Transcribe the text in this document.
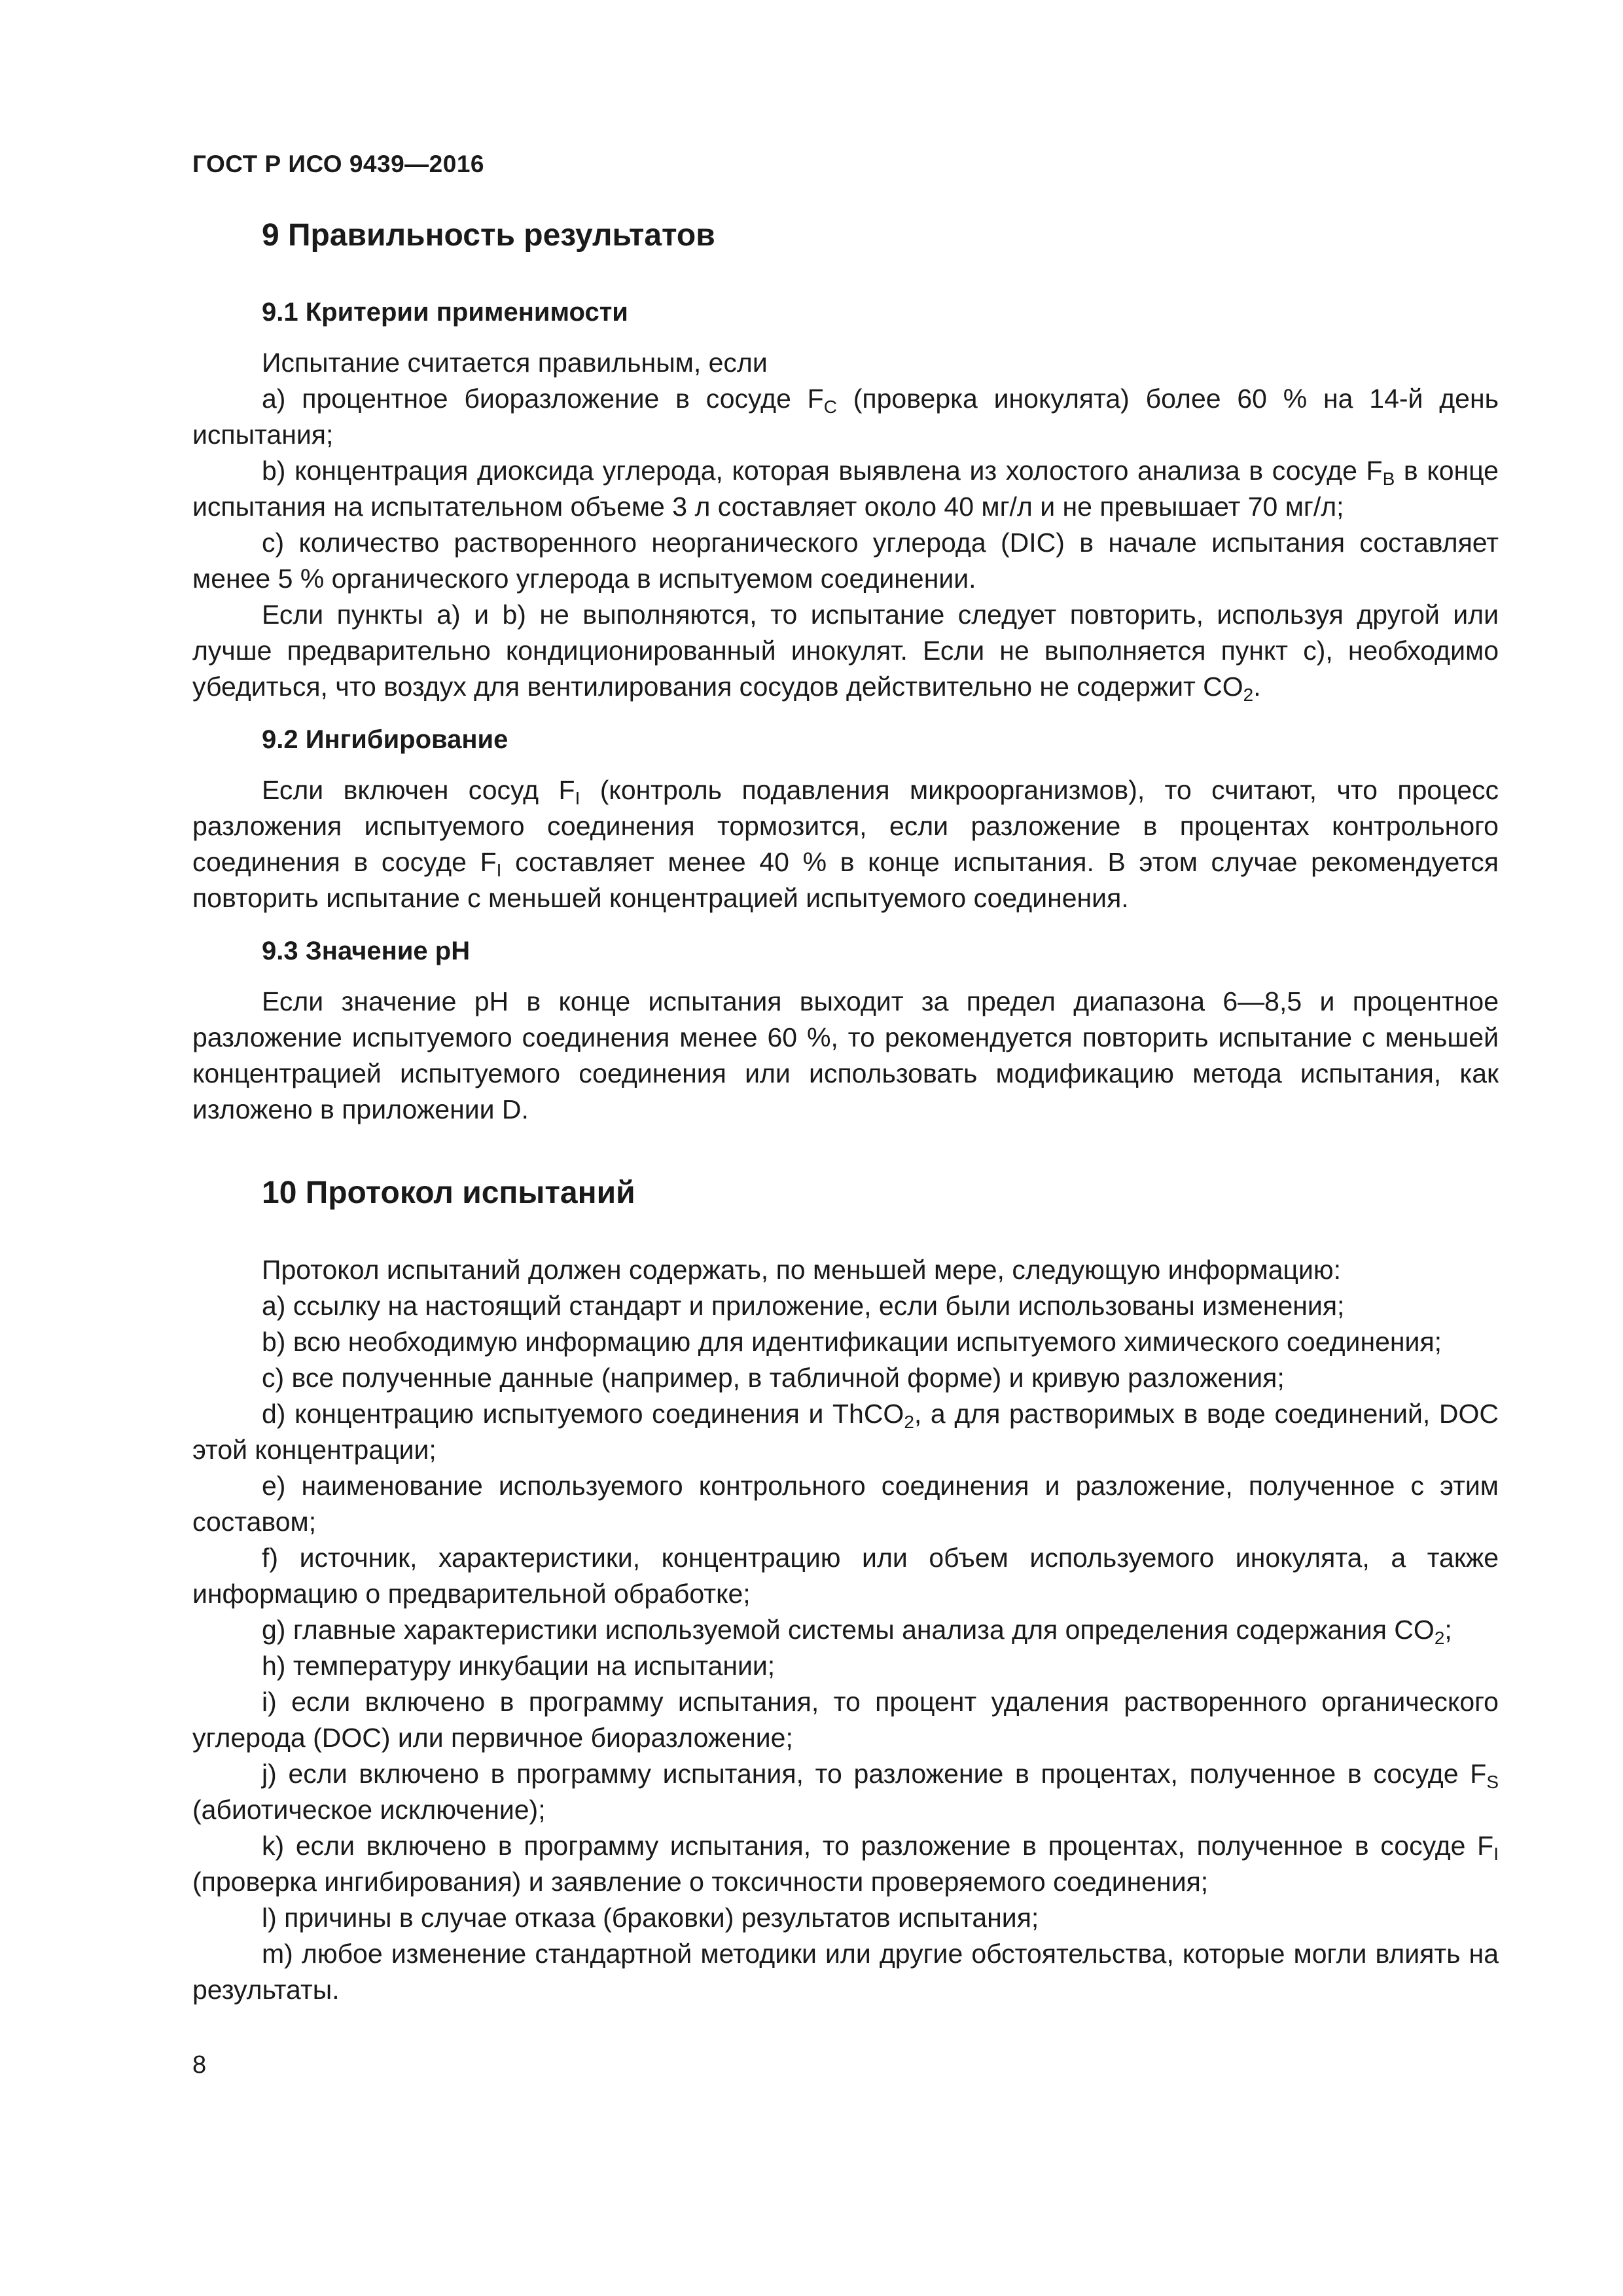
ГОСТ Р ИСО 9439—2016
9 Правильность результатов
9.1 Критерии применимости

Испытание считается правильным, если

a) процентное биоразложение в сосуде $F_C$ (проверка инокулята) более 60 % на 14-й день испытания;

b) концентрация диоксида углерода, которая выявлена из холостого анализа в сосуде $F_B$ в конце испытания на испытательном объеме 3 л составляет около 40 мг/л и не превышает 70 мг/л;

c) количество растворенного неорганического углерода (DIC) в начале испытания составляет менее 5 % органического углерода в испытуемом соединении.

Если пункты a) и b) не выполняются, то испытание следует повторить, используя другой или лучше предварительно кондиционированный инокулят. Если не выполняется пункт c), необходимо убедиться, что воздух для вентилирования сосудов действительно не содержит $CO_2$.

9.2 Ингибирование

Если включен сосуд $F_I$ (контроль подавления микроорганизмов), то считают, что процесс разложения испытуемого соединения тормозится, если разложение в процентах контрольного соединения в сосуде $F_I$ составляет менее 40 % в конце испытания. В этом случае рекомендуется повторить испытание с меньшей концентрацией испытуемого соединения.

9.3 Значение pH

Если значение pH в конце испытания выходит за предел диапазона 6—8,5 и процентное разложение испытуемого соединения менее 60 %, то рекомендуется повторить испытание с меньшей концентрацией испытуемого соединения или использовать модификацию метода испытания, как изложено в приложении D.

10 Протокол испытаний

Протокол испытаний должен содержать, по меньшей мере, следующую информацию:

a) ссылку на настоящий стандарт и приложение, если были использованы изменения;

b) всю необходимую информацию для идентификации испытуемого химического соединения;

c) все полученные данные (например, в табличной форме) и кривую разложения;

d) концентрацию испытуемого соединения и ThCO$_2$, а для растворимых в воде соединений, DOC этой концентрации;

e) наименование используемого контрольного соединения и разложение, полученное с этим составом;

f) источник, характеристики, концентрацию или объем используемого инокулята, а также информацию о предварительной обработке;

g) главные характеристики используемой системы анализа для определения содержания $CO_2$;

h) температуру инкубации на испытании;

i) если включено в программу испытания, то процент удаления растворенного органического углерода (DOC) или первичное биоразложение;

j) если включено в программу испытания, то разложение в процентах, полученное в сосуде $F_S$ (абиотическое исключение);

k) если включено в программу испытания, то разложение в процентах, полученное в сосуде $F_I$ (проверка ингибирования) и заявление о токсичности проверяемого соединения;

l) причины в случае отказа (браковки) результатов испытания;

m) любое изменение стандартной методики или другие обстоятельства, которые могли влиять на результаты.

8
